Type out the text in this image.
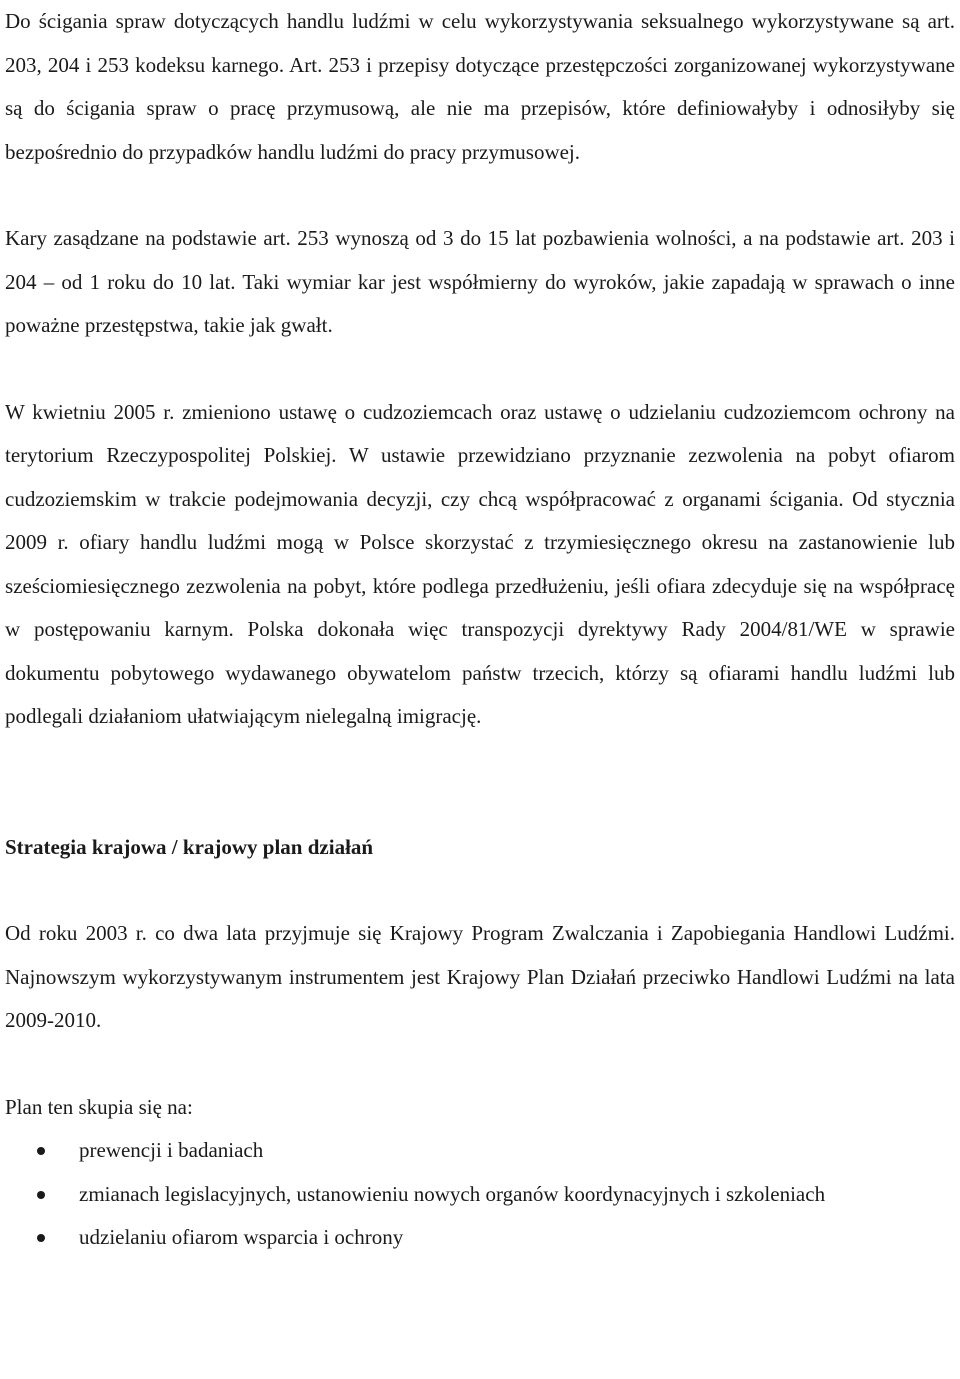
Do ścigania spraw dotyczących handlu ludźmi w celu wykorzystywania seksualnego wykorzystywane są art. 203, 204 i 253 kodeksu karnego. Art. 253 i przepisy dotyczące przestępczości zorganizowanej wykorzystywane są do ścigania spraw o pracę przymusową, ale nie ma przepisów, które definiowałyby i odnosiłyby się bezpośrednio do przypadków handlu ludźmi do pracy przymusowej.

Kary zasądzane na podstawie art. 253 wynoszą od 3 do 15 lat pozbawienia wolności, a na podstawie art. 203 i 204 – od 1 roku do 10 lat. Taki wymiar kar jest współmierny do wyroków, jakie zapadają w sprawach o inne poważne przestępstwa, takie jak gwałt.

W kwietniu 2005 r. zmieniono ustawę o cudzoziemcach oraz ustawę o udzielaniu cudzoziemcom ochrony na terytorium Rzeczypospolitej Polskiej. W ustawie przewidziano przyznanie zezwolenia na pobyt ofiarom cudzoziemskim w trakcie podejmowania decyzji, czy chcą współpracować z organami ścigania. Od stycznia 2009 r. ofiary handlu ludźmi mogą w Polsce skorzystać z trzymiesięcznego okresu na zastanowienie lub sześciomiesięcznego zezwolenia na pobyt, które podlega przedłużeniu, jeśli ofiara zdecyduje się na współpracę w postępowaniu karnym. Polska dokonała więc transpozycji dyrektywy Rady 2004/81/WE w sprawie dokumentu pobytowego wydawanego obywatelom państw trzecich, którzy są ofiarami handlu ludźmi lub podlegali działaniom ułatwiającym nielegalną imigrację.

Strategia krajowa / krajowy plan działań

Od roku 2003 r. co dwa lata przyjmuje się Krajowy Program Zwalczania i Zapobiegania Handlowi Ludźmi. Najnowszym wykorzystywanym instrumentem jest Krajowy Plan Działań przeciwko Handlowi Ludźmi na lata 2009-2010.

Plan ten skupia się na:

prewencji i badaniach
zmianach legislacyjnych, ustanowieniu nowych organów koordynacyjnych i szkoleniach
udzielaniu ofiarom wsparcia i ochrony
